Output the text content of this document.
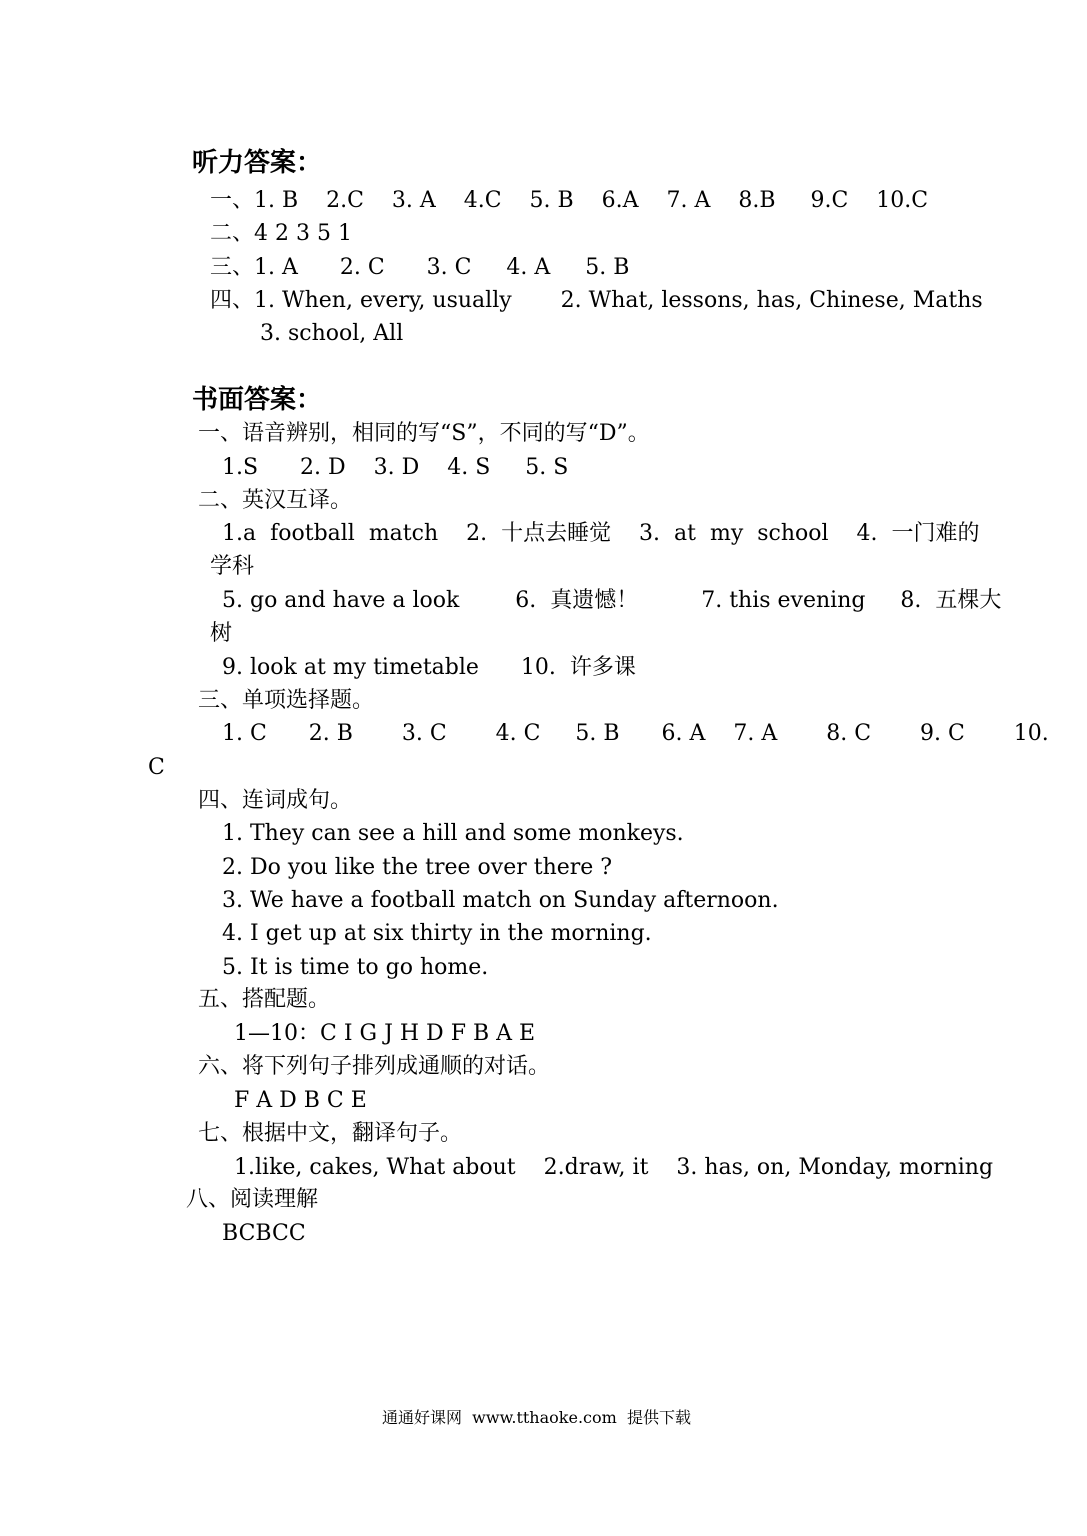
听力答案：
一、1. B    2.C    3. A    4.C    5. B    6.A    7. A    8.B     9.C    10.C
二、4 2 3 5 1
三、1. A      2. C      3. C     4. A     5. B
四、1. When, every, usually       2. What, lessons, has, Chinese, Maths
3. school, All
书面答案：
一、语音辨别，相同的写“S”，不同的写“D”。
1.S      2. D    3. D    4. S     5. S
二、英汉互译。
1.a  football  match    2.  十点去睡觉    3.  at  my  school    4.  一门难的
学科
5. go and have a look        6.  真遗憾！         7. this evening     8.  五棵大
树
9. look at my timetable      10.  许多课
三、单项选择题。
1. C      2. B       3. C       4. C     5. B      6. A    7. A       8. C       9. C       10.
C
四、连词成句。
1. They can see a hill and some monkeys.
2. Do you like the tree over there ?
3. We have a football match on Sunday afternoon.
4. I get up at six thirty in the morning.
5. It is time to go home.
五、搭配题。
1—10：C I G J H D F B A E
六、将下列句子排列成通顺的对话。
F A D B C E
七、根据中文，翻译句子。
1.like, cakes, What about    2.draw, it    3. has, on, Monday, morning
八、阅读理解
BCBCC
通通好课网  www.tthaoke.com  提供下载
